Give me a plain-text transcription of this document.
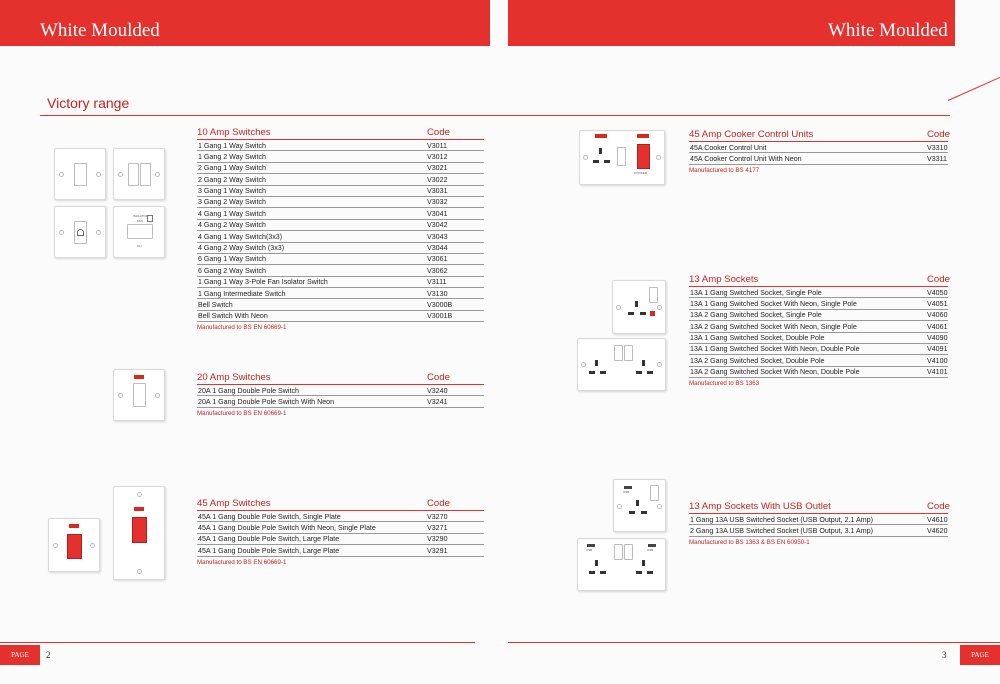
White Moulded	White Moulded
Victory range
10 Amp Switches	Code
1 Gang 1 Way Switch	V3011
1 Gang 2 Way Switch	V3012
2 Gang 1 Way Switch	V3021
2 Gang 2 Way Switch	V3022
3 Gang 1 Way Switch	V3031
3 Gang 2 Way Switch	V3032
4 Gang 1 Way Switch	V3041
4 Gang 2 Way Switch	V3042
4 Gang 1 Way Switch(3x3)	V3043
4 Gang 2 Way Switch (3x3)	V3044
6 Gang 1 Way Switch	V3061
6 Gang 2 Way Switch	V3062
1 Gang 1 Way 3-Pole Fan Isolator Switch	V3111
1 Gang Intermediate Switch	V3130
Bell Switch	V3000B
Bell Switch With Neon	V3001B
Manufactured to BS EN 60669-1
20 Amp Switches	Code
20A 1 Gang Double Pole Switch	V3240
20A 1 Gang Double Pole Switch With Neon	V3241
Manufactured to BS EN 60669-1
45 Amp Switches	Code
45A 1 Gang Double Pole Switch, Single Plate	V3270
45A 1 Gang Double Pole Switch With Neon, Single Plate	V3271
45A 1 Gang Double Pole Switch, Large Plate	V3290
45A 1 Gang Double Pole Switch, Large Plate	V3291
Manufactured to BS EN 60669-1
45 Amp Cooker Control Units	Code
45A Cooker Control Unit	V3310
45A Cooker Control Unit With Neon	V3311
Manufactured to BS 4177
13 Amp Sockets	Code
13A 1 Gang Switched Socket, Single Pole	V4050
13A 1 Gang Switched Socket With Neon, Single Pole	V4051
13A 2 Gang Switched Socket, Single Pole	V4060
13A 2 Gang Switched Socket With Neon, Single Pole	V4061
13A 1 Gang Switched Socket, Double Pole	V4090
13A 1 Gang Switched Socket With Neon, Double Pole	V4091
13A 2 Gang Switched Socket, Double Pole	V4100
13A 2 Gang Switched Socket With Neon, Double Pole	V4101
Manufactured to BS 1363
13 Amp Sockets With USB Outlet	Code
1 Gang 13A USB Switched Socket (USB Output, 2.1 Amp)	V4610
2 Gang 13A USB Switched Socket (USB Output, 3.1 Amp)	V4620
Manufactured to BS 1363 & BS EN 60950-1
ISOLATOR
FAN
ON
COOKER
USB
USB	USB
PAGE	2	3	PAGE
